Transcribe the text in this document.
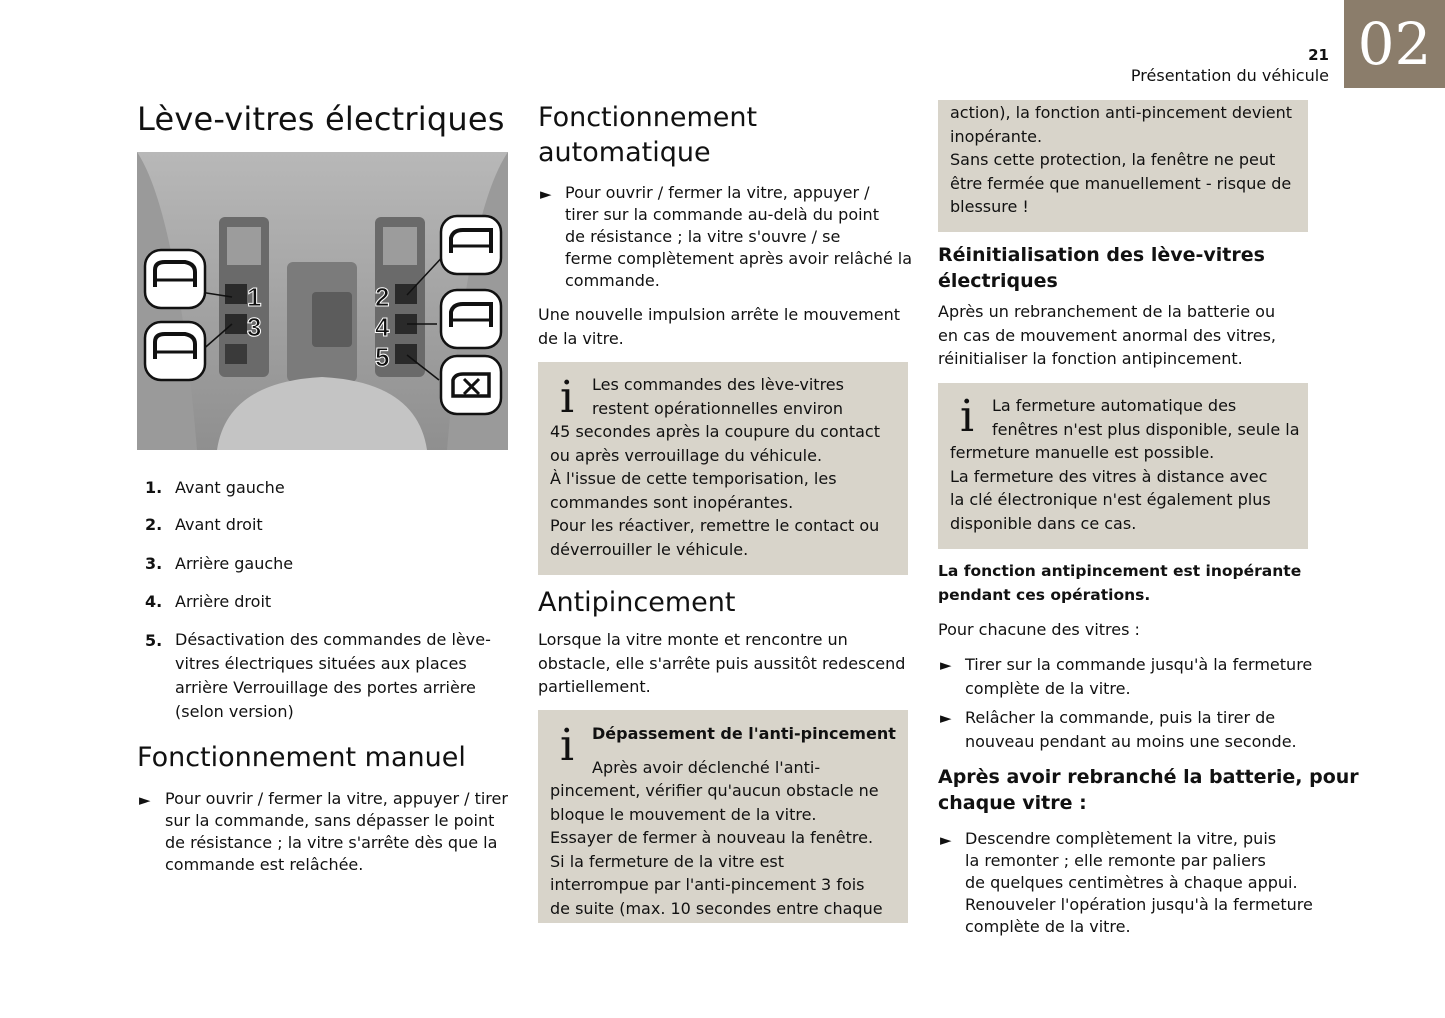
02
21
Présentation du véhicule
Lève-vitres électriques
1
3
2
4
5
1. Avant gauche
2. Avant droit
3. Arrière gauche
4. Arrière droit
5. Désactivation des commandes de lève-
vitres électriques situées aux places
arrière Verrouillage des portes arrière
(selon version)
Fonctionnement manuel
► Pour ouvrir / fermer la vitre, appuyer / tirer
sur la commande, sans dépasser le point
de résistance ; la vitre s'arrête dès que la
commande est relâchée.
Fonctionnement
automatique
► Pour ouvrir / fermer la vitre, appuyer /
tirer sur la commande au-delà du point
de résistance ; la vitre s'ouvre / se
ferme complètement après avoir relâché la
commande.
Une nouvelle impulsion arrête le mouvement
de la vitre.
i Les commandes des lève-vitres
restent opérationnelles environ
45 secondes après la coupure du contact
ou après verrouillage du véhicule.
À l'issue de cette temporisation, les
commandes sont inopérantes.
Pour les réactiver, remettre le contact ou
déverrouiller le véhicule.
Antipincement
Lorsque la vitre monte et rencontre un
obstacle, elle s'arrête puis aussitôt redescend
partiellement.
i Dépassement de l'anti-pincement
Après avoir déclenché l'anti-
pincement, vérifier qu'aucun obstacle ne
bloque le mouvement de la vitre.
Essayer de fermer à nouveau la fenêtre.
Si la fermeture de la vitre est
interrompue par l'anti-pincement 3 fois
de suite (max. 10 secondes entre chaque
action), la fonction anti-pincement devient
inopérante.
Sans cette protection, la fenêtre ne peut
être fermée que manuellement - risque de
blessure !
Réinitialisation des lève-vitres
électriques
Après un rebranchement de la batterie ou
en cas de mouvement anormal des vitres,
réinitialiser la fonction antipincement.
i La fermeture automatique des
fenêtres n'est plus disponible, seule la
fermeture manuelle est possible.
La fermeture des vitres à distance avec
la clé électronique n'est également plus
disponible dans ce cas.
La fonction antipincement est inopérante
pendant ces opérations.
Pour chacune des vitres :
► Tirer sur la commande jusqu'à la fermeture
complète de la vitre.
► Relâcher la commande, puis la tirer de
nouveau pendant au moins une seconde.
Après avoir rebranché la batterie, pour
chaque vitre :
► Descendre complètement la vitre, puis
la remonter ; elle remonte par paliers
de quelques centimètres à chaque appui.
Renouveler l'opération jusqu'à la fermeture
complète de la vitre.
